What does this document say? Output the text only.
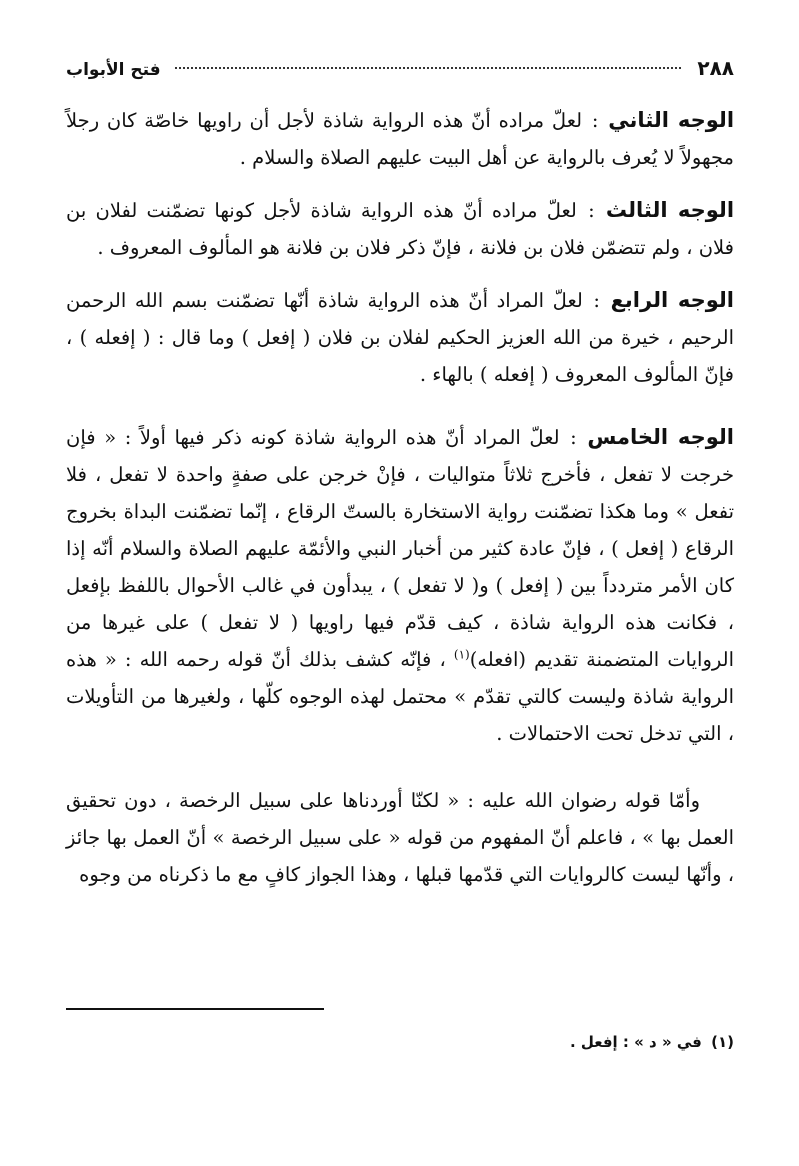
٢٨٨
فتح الأبواب

الوجه الثاني : لعلّ مراده أنّ هذه الرواية شاذة لأجل أن راويها خاصّة كان رجلاً مجهولاً لا يُعرف بالرواية عن أهل البيت عليهم الصلاة والسلام .

الوجه الثالث : لعلّ مراده أنّ هذه الرواية شاذة لأجل كونها تضمّنت لفلان بن فلان ، ولم تتضمّن فلان بن فلانة ، فإنّ ذكر فلان بن فلانة هو المألوف المعروف .

الوجه الرابع : لعلّ المراد أنّ هذه الرواية شاذة أنّها تضمّنت بسم الله الرحمن الرحيم ، خيرة من الله العزيز الحكيم لفلان بن فلان ( إفعل ) وما قال : ( إفعله ) ، فإنّ المألوف المعروف ( إفعله ) بالهاء .

الوجه الخامس : لعلّ المراد أنّ هذه الرواية شاذة كونه ذكر فيها أولاً : « فإن خرجت لا تفعل ، فأخرج ثلاثاً متواليات ، فإنْ خرجن على صفةٍ واحدة لا تفعل ، فلا تفعل » وما هكذا تضمّنت رواية الاستخارة بالستّ الرقاع ، إنّما تضمّنت البداة بخروج الرقاع ( إفعل ) ، فإنّ عادة كثير من أخبار النبي والأئمّة عليهم الصلاة والسلام أنّه إذا كان الأمر متردداً بين ( إفعل ) و( لا تفعل ) ، يبدأون في غالب الأحوال باللفظ بإفعل ، فكانت هذه الرواية شاذة ، كيف قدّم فيها راويها ( لا تفعل ) على غيرها من الروايات المتضمنة تقديم (افعله)$^{(١)}$ ، فإنّه كشف بذلك أنّ قوله رحمه الله : « هذه الرواية شاذة وليست كالتي تقدّم » محتمل لهذه الوجوه كلّها ، ولغيرها من التأويلات ، التي تدخل تحت الاحتمالات .

وأمّا قوله رضوان الله عليه : « لكنّا أوردناها على سبيل الرخصة ، دون تحقيق العمل بها » ، فاعلم أنّ المفهوم من قوله « على سبيل الرخصة » أنّ العمل بها جائز ، وأنّها ليست كالروايات التي قدّمها قبلها ، وهذا الجواز كافٍ مع ما ذكرناه من وجوه

(١) في « د » : إفعل .
